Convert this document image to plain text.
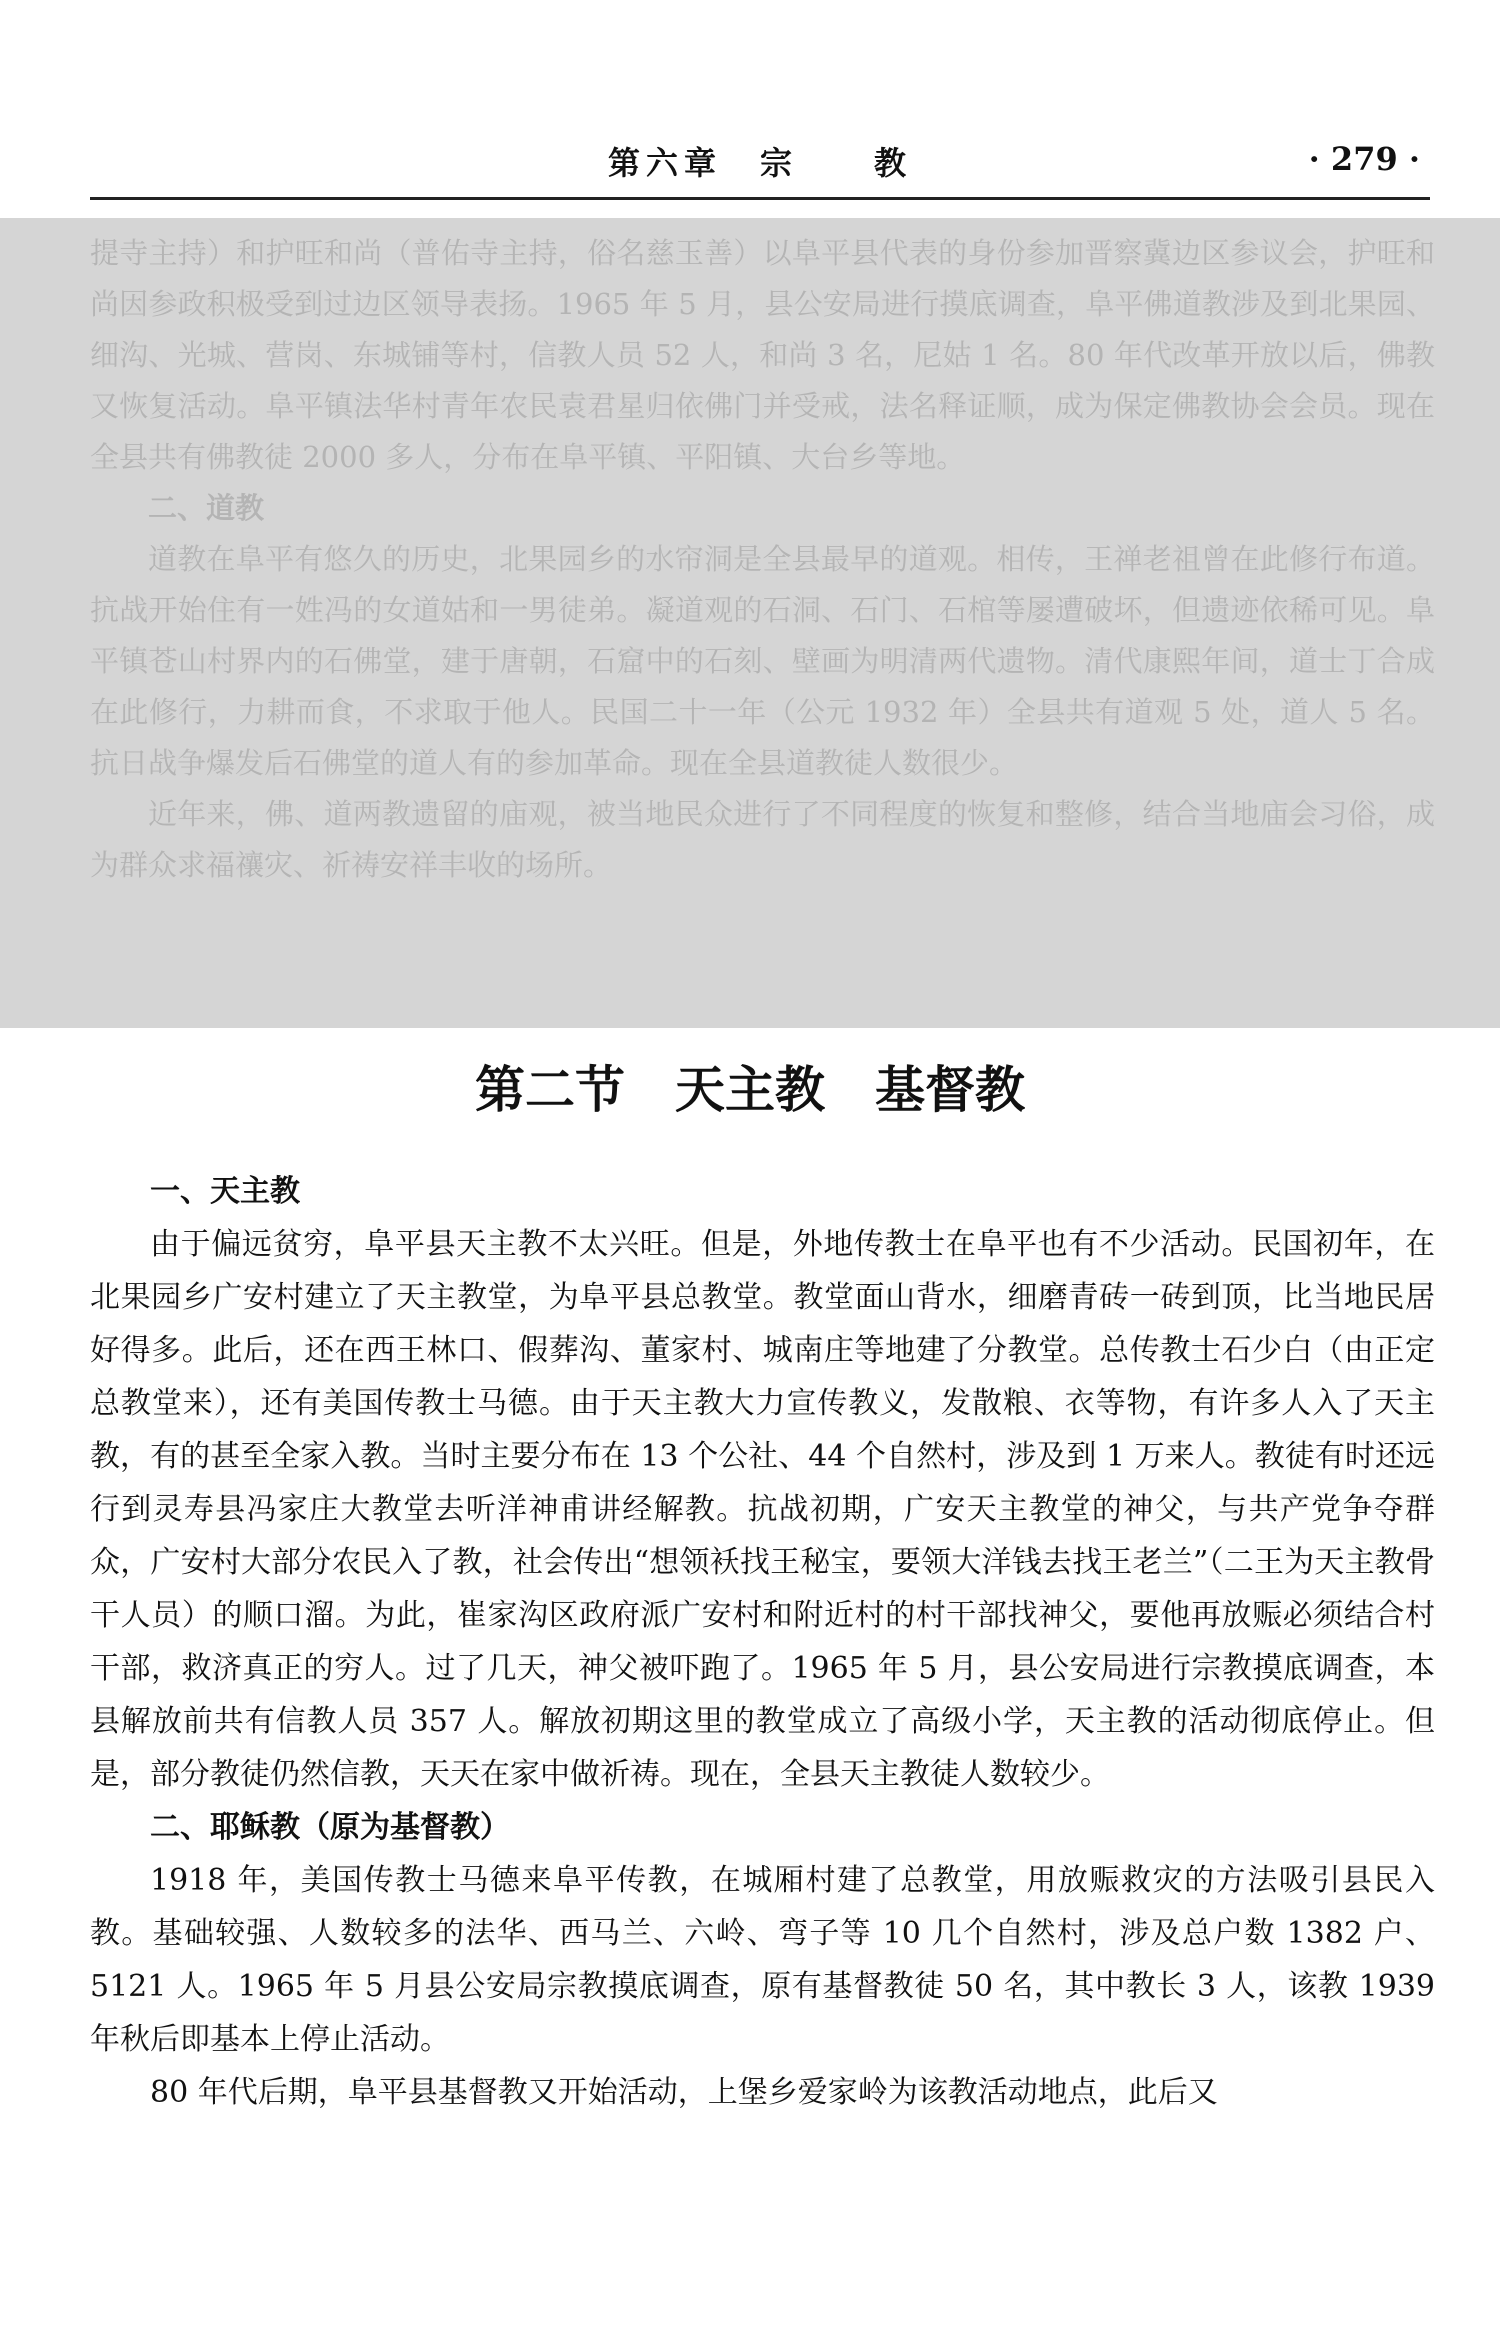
第六章　宗　　教	· 279 ·

提寺主持）和护旺和尚（普佑寺主持，俗名慈玉善）以阜平县代表的身份参加晋察冀边区参议会，护旺和尚因参政积极受到过边区领导表扬。1965 年 5 月，县公安局进行摸底调查，阜平佛道教涉及到北果园、细沟、光城、营岗、东城铺等村，信教人员 52 人，和尚 3 名，尼姑 1 名。80 年代改革开放以后，佛教又恢复活动。阜平镇法华村青年农民袁君星归依佛门并受戒，法名释证顺，成为保定佛教协会会员。现在全县共有佛教徒 2000 多人，分布在阜平镇、平阳镇、大台乡等地。

二、道教

道教在阜平有悠久的历史，北果园乡的水帘洞是全县最早的道观。相传，王禅老祖曾在此修行布道。抗战开始住有一姓冯的女道姑和一男徒弟。凝道观的石洞、石门、石棺等屡遭破坏，但遗迹依稀可见。阜平镇苍山村界内的石佛堂，建于唐朝，石窟中的石刻、壁画为明清两代遗物。清代康熙年间，道士丁合成在此修行，力耕而食，不求取于他人。民国二十一年（公元 1932 年）全县共有道观 5 处，道人 5 名。抗日战争爆发后石佛堂的道人有的参加革命。现在全县道教徒人数很少。

近年来，佛、道两教遗留的庙观，被当地民众进行了不同程度的恢复和整修，结合当地庙会习俗，成为群众求福禳灾、祈祷安祥丰收的场所。

第二节　天主教　基督教
一、天主教

由于偏远贫穷，阜平县天主教不太兴旺。但是，外地传教士在阜平也有不少活动。民国初年，在北果园乡广安村建立了天主教堂，为阜平县总教堂。教堂面山背水，细磨青砖一砖到顶，比当地民居好得多。此后，还在西王林口、假葬沟、董家村、城南庄等地建了分教堂。总传教士石少白（由正定总教堂来），还有美国传教士马德。由于天主教大力宣传教义，发散粮、衣等物，有许多人入了天主教，有的甚至全家入教。当时主要分布在 13 个公社、44 个自然村，涉及到 1 万来人。教徒有时还远行到灵寿县冯家庄大教堂去听洋神甫讲经解教。抗战初期，广安天主教堂的神父，与共产党争夺群众，广安村大部分农民入了教，社会传出“想领袄找王秘宝，要领大洋钱去找王老兰”（二王为天主教骨干人员）的顺口溜。为此，崔家沟区政府派广安村和附近村的村干部找神父，要他再放赈必须结合村干部，救济真正的穷人。过了几天，神父被吓跑了。1965 年 5 月，县公安局进行宗教摸底调查，本县解放前共有信教人员 357 人。解放初期这里的教堂成立了高级小学，天主教的活动彻底停止。但是，部分教徒仍然信教，天天在家中做祈祷。现在，全县天主教徒人数较少。

二、耶稣教（原为基督教）

1918 年，美国传教士马德来阜平传教，在城厢村建了总教堂，用放赈救灾的方法吸引县民入教。基础较强、人数较多的法华、西马兰、六岭、弯子等 10 几个自然村，涉及总户数 1382 户、5121 人。1965 年 5 月县公安局宗教摸底调查，原有基督教徒 50 名，其中教长 3 人，该教 1939 年秋后即基本上停止活动。

80 年代后期，阜平县基督教又开始活动，上堡乡爱家岭为该教活动地点，此后又
